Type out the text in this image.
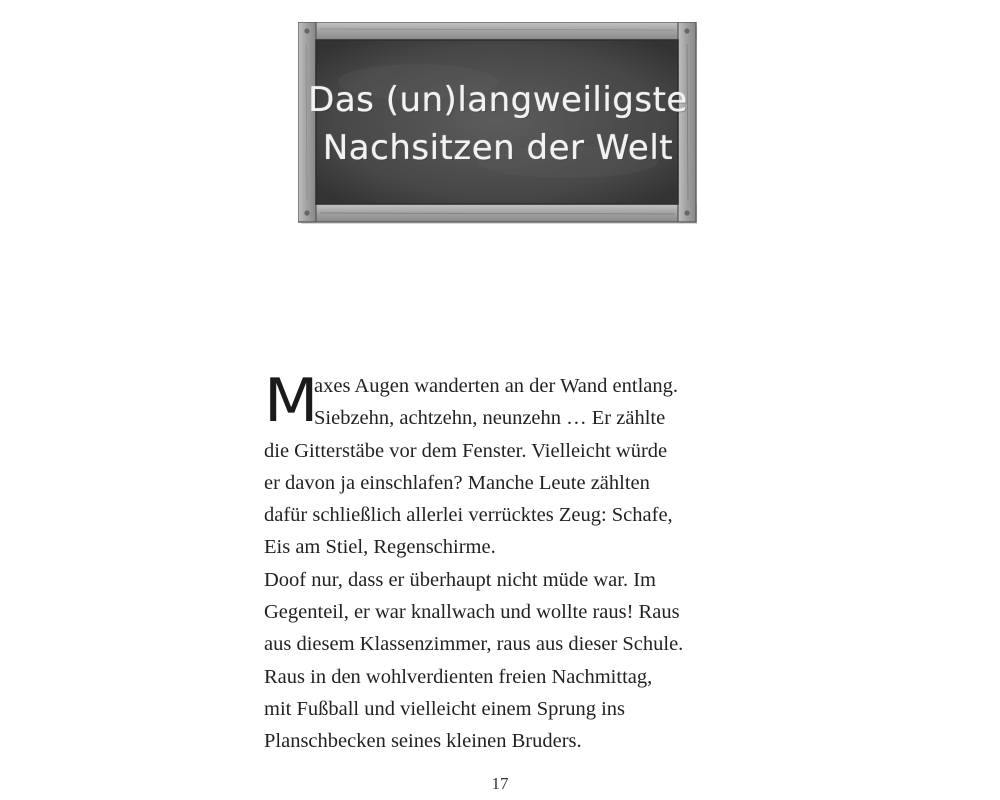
Das (un)langweiligste
Nachsitzen der Welt
M
axes Augen wanderten an der Wand entlang.
Siebzehn, achtzehn, neunzehn … Er zählte
die Gitterstäbe vor dem Fenster. Vielleicht würde
er davon ja einschlafen? Manche Leute zählten
dafür schließlich allerlei verrücktes Zeug: Schafe,
Eis am Stiel, Regenschirme.
Doof nur, dass er überhaupt nicht müde war. Im
Gegenteil, er war knallwach und wollte raus! Raus
aus diesem Klassenzimmer, raus aus dieser Schule.
Raus in den wohlverdienten freien Nachmittag,
mit Fußball und vielleicht einem Sprung ins
Planschbecken seines kleinen Bruders.
17
